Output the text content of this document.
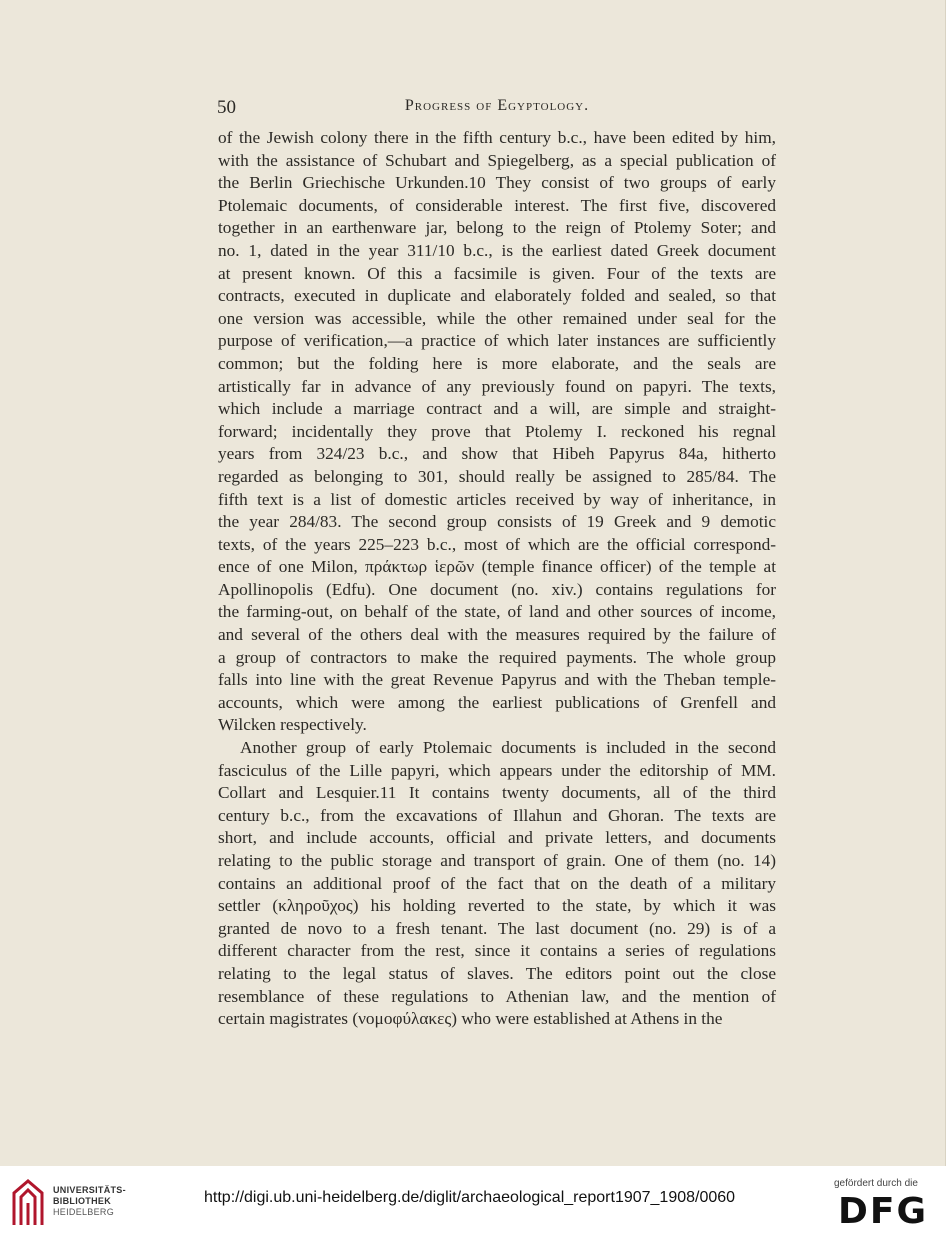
50	Progress of Egyptology.
of the Jewish colony there in the fifth century b.c., have been edited by him,
with the assistance of Schubart and Spiegelberg, as a special publication of
the Berlin Griechische Urkunden.10 They consist of two groups of early
Ptolemaic documents, of considerable interest. The first five, discovered
together in an earthenware jar, belong to the reign of Ptolemy Soter; and
no. 1, dated in the year 311/10 b.c., is the earliest dated Greek document
at present known. Of this a facsimile is given. Four of the texts are
contracts, executed in duplicate and elaborately folded and sealed, so that
one version was accessible, while the other remained under seal for the
purpose of verification,—a practice of which later instances are sufficiently
common; but the folding here is more elaborate, and the seals are
artistically far in advance of any previously found on papyri. The texts,
which include a marriage contract and a will, are simple and straight-
forward; incidentally they prove that Ptolemy I. reckoned his regnal
years from 324/23 b.c., and show that Hibeh Papyrus 84a, hitherto
regarded as belonging to 301, should really be assigned to 285/84. The
fifth text is a list of domestic articles received by way of inheritance, in
the year 284/83. The second group consists of 19 Greek and 9 demotic
texts, of the years 225–223 b.c., most of which are the official correspond-
ence of one Milon, πράκτωρ ἱερῶν (temple finance officer) of the temple at
Apollinopolis (Edfu). One document (no. xiv.) contains regulations for
the farming-out, on behalf of the state, of land and other sources of income,
and several of the others deal with the measures required by the failure of
a group of contractors to make the required payments. The whole group
falls into line with the great Revenue Papyrus and with the Theban temple-
accounts, which were among the earliest publications of Grenfell and
Wilcken respectively.
Another group of early Ptolemaic documents is included in the second
fasciculus of the Lille papyri, which appears under the editorship of MM.
Collart and Lesquier.11 It contains twenty documents, all of the third
century b.c., from the excavations of Illahun and Ghoran. The texts are
short, and include accounts, official and private letters, and documents
relating to the public storage and transport of grain. One of them (no. 14)
contains an additional proof of the fact that on the death of a military
settler (κληροῦχος) his holding reverted to the state, by which it was
granted de novo to a fresh tenant. The last document (no. 29) is of a
different character from the rest, since it contains a series of regulations
relating to the legal status of slaves. The editors point out the close
resemblance of these regulations to Athenian law, and the mention of
certain magistrates (νομοφύλακες) who were established at Athens in the
UNIVERSITÄTS-
BIBLIOTHEK
HEIDELBERG
http://digi.ub.uni-heidelberg.de/diglit/archaeological_report1907_1908/0060
gefördert durch die
DFG
